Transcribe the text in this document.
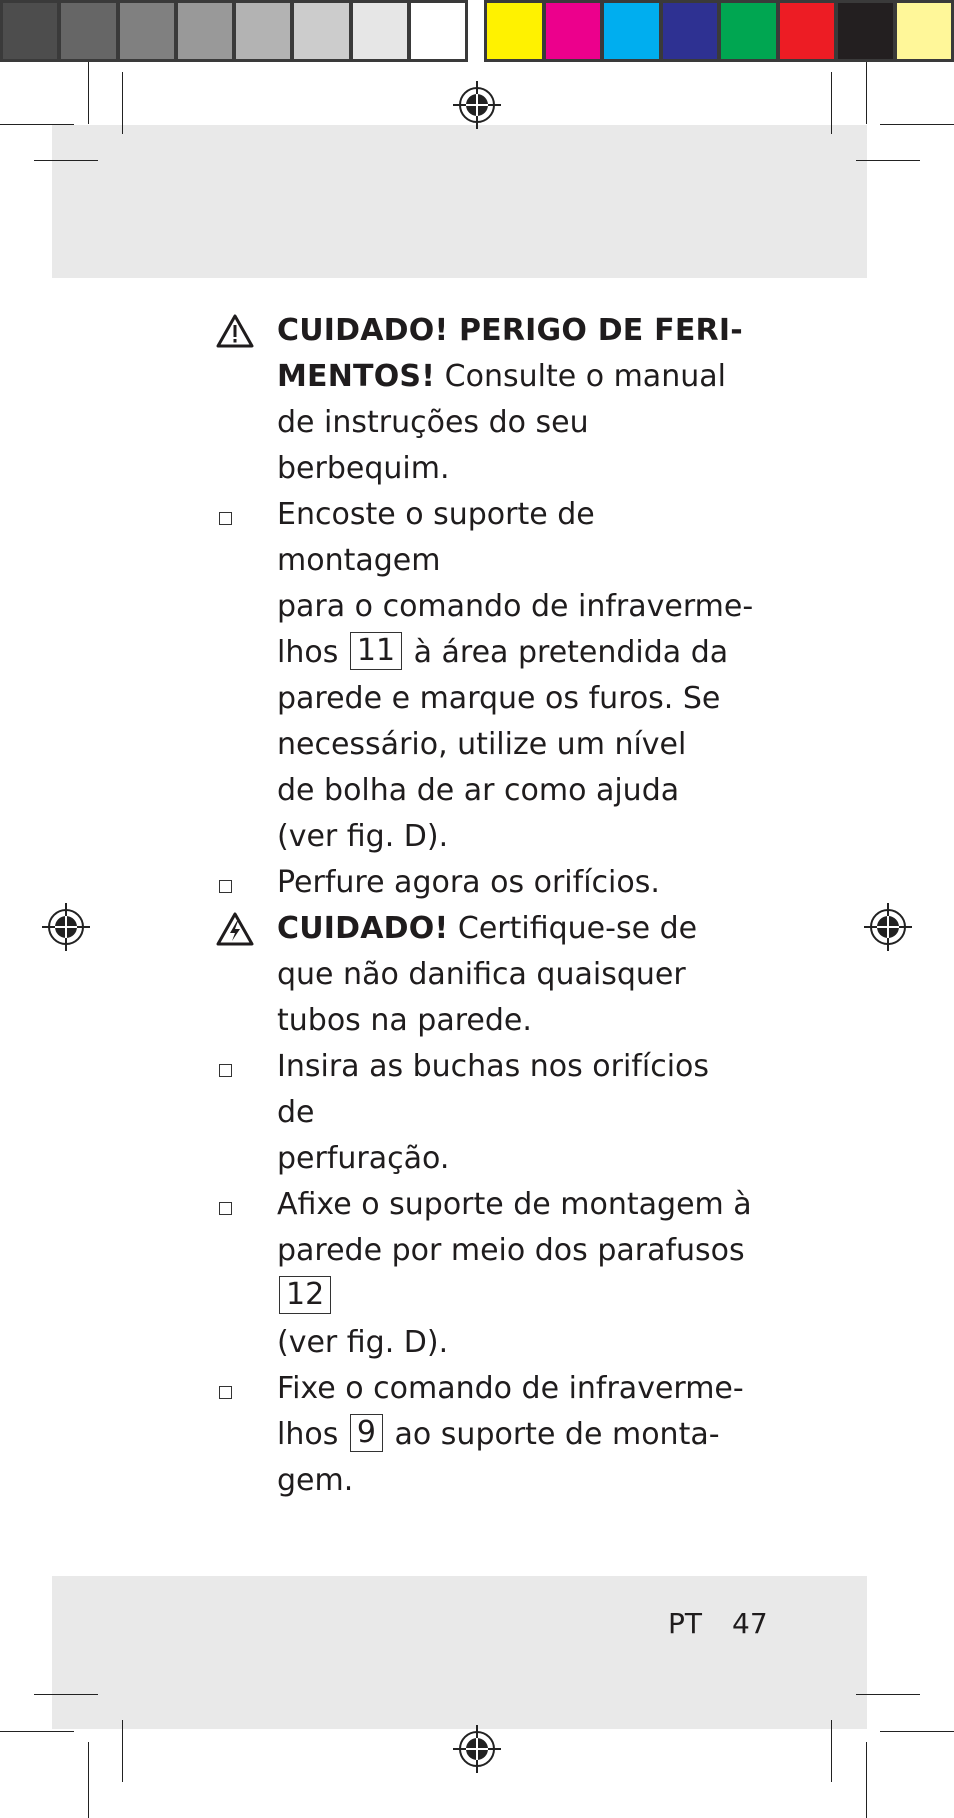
CUIDADO! PERIGO DE FERI-
MENTOS! Consulte o manual
de instruções do seu berbequim.
Encoste o suporte de montagem
para o comando de infraverme-
lhos 11 à área pretendida da
parede e marque os furos. Se
necessário, utilize um nível
de bolha de ar como ajuda
(ver fig. D).
Perfure agora os orifícios.
CUIDADO! Certifique-se de
que não danifica quaisquer
tubos na parede.
Insira as buchas nos orifícios de
perfuração.
Afixe o suporte de montagem à
parede por meio dos parafusos 12
(ver fig. D).
Fixe o comando de infraverme-
lhos 9 ao suporte de monta-
gem.
PT 47
